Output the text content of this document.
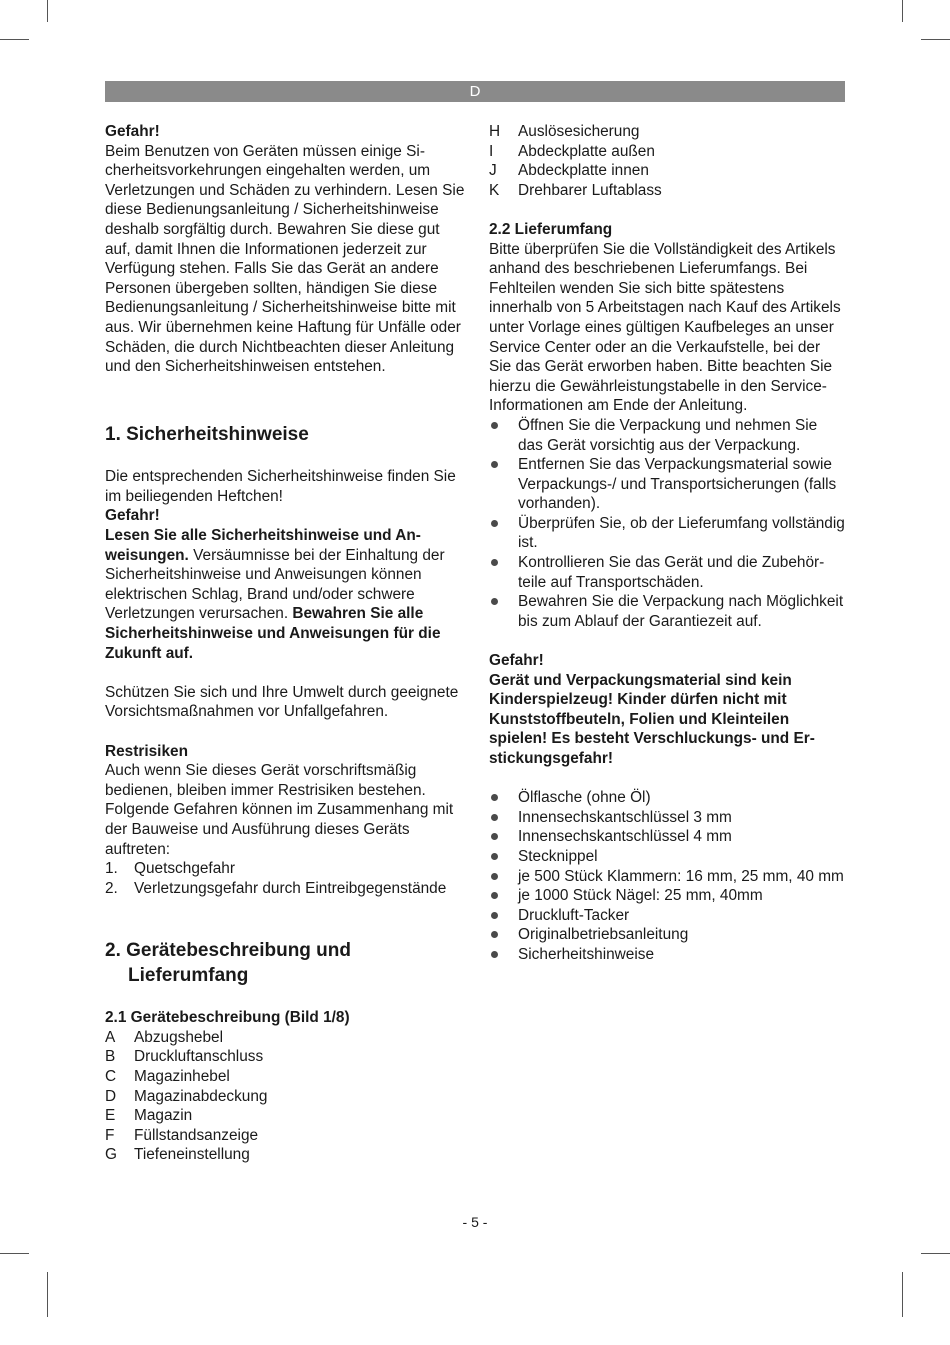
D

Gefahr!

Beim Benutzen von Geräten müssen einige Sicherheitsvorkehrungen eingehalten werden, um Verletzungen und Schäden zu verhindern. Lesen Sie diese Bedienungsanleitung / Sicherheitshinweise deshalb sorgfältig durch. Bewahren Sie diese gut auf, damit Ihnen die Informationen jederzeit zur Verfügung stehen. Falls Sie das Gerät an andere Personen übergeben sollten, händigen Sie diese Bedienungsanleitung / Sicherheitshinweise bitte mit aus. Wir übernehmen keine Haftung für Unfälle oder Schäden, die durch Nichtbeachten dieser Anleitung und den Sicherheitshinweisen entstehen.

1. Sicherheitshinweise

Die entsprechenden Sicherheitshinweise finden Sie im beiliegenden Heftchen!

Gefahr!

Lesen Sie alle Sicherheitshinweise und Anweisungen. Versäumnisse bei der Einhaltung der Sicherheitshinweise und Anweisungen können elektrischen Schlag, Brand und/oder schwere Verletzungen verursachen. Bewahren Sie alle Sicherheitshinweise und Anweisungen für die Zukunft auf.

Schützen Sie sich und Ihre Umwelt durch geeignete Vorsichtsmaßnahmen vor Unfallgefahren.

Restrisiken

Auch wenn Sie dieses Gerät vorschriftsmäßig bedienen, bleiben immer Restrisiken bestehen. Folgende Gefahren können im Zusammenhang mit der Bauweise und Ausführung dieses Geräts auftreten:

1. Quetschgefahr
2. Verletzungsgefahr durch Eintreibgegenstände
2. Gerätebeschreibung und Lieferumfang

2.1 Gerätebeschreibung (Bild 1/8)

A Abzugshebel
B Druckluftanschluss
C Magazinhebel
D Magazinabdeckung
E Magazin
F Füllstandsanzeige
G Tiefeneinstellung
H Auslösesicherung
I Abdeckplatte außen
J Abdeckplatte innen
K Drehbarer Luftablass

2.2 Lieferumfang

Bitte überprüfen Sie die Vollständigkeit des Artikels anhand des beschriebenen Lieferumfangs. Bei Fehlteilen wenden Sie sich bitte spätestens innerhalb von 5 Arbeitstagen nach Kauf des Artikels unter Vorlage eines gültigen Kaufbeleges an unser Service Center oder an die Verkaufstelle, bei der Sie das Gerät erworben haben. Bitte beachten Sie hierzu die Gewährleistungstabelle in den Service-Informationen am Ende der Anleitung.

Öffnen Sie die Verpackung und nehmen Sie das Gerät vorsichtig aus der Verpackung.
Entfernen Sie das Verpackungsmaterial sowie Verpackungs-/ und Transportsicherungen (falls vorhanden).
Überprüfen Sie, ob der Lieferumfang vollständig ist.
Kontrollieren Sie das Gerät und die Zubehörteile auf Transportschäden.
Bewahren Sie die Verpackung nach Möglichkeit bis zum Ablauf der Garantiezeit auf.

Gefahr!

Gerät und Verpackungsmaterial sind kein Kinderspielzeug! Kinder dürfen nicht mit Kunststoffbeuteln, Folien und Kleinteilen spielen! Es besteht Verschluckungs- und Erstickungsgefahr!

Ölflasche (ohne Öl)
Innensechskantschlüssel 3 mm
Innensechskantschlüssel 4 mm
Stecknippel
je 500 Stück Klammern: 16 mm, 25 mm, 40 mm
je 1000 Stück Nägel: 25 mm, 40mm
Druckluft-Tacker
Originalbetriebsanleitung
Sicherheitshinweise
- 5 -
